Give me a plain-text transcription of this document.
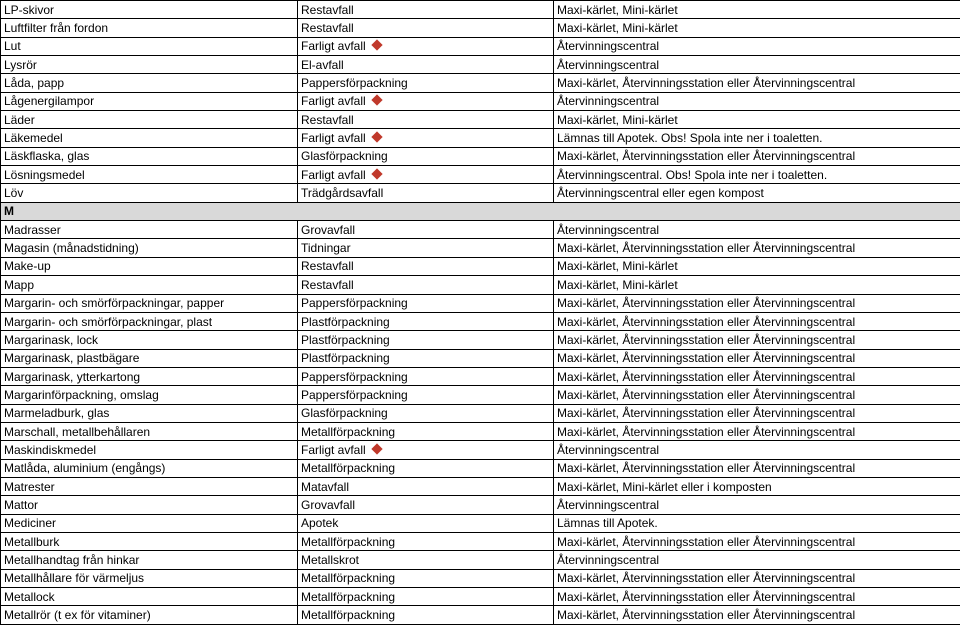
LP-skivor	Restavfall	Maxi-kärlet, Mini-kärlet
Luftfilter från fordon	Restavfall	Maxi-kärlet, Mini-kärlet
Lut	Farligt avfall	Återvinningscentral
Lysrör	El-avfall	Återvinningscentral
Låda, papp	Pappersförpackning	Maxi-kärlet, Återvinningsstation eller Återvinningscentral
Lågenergilampor	Farligt avfall	Återvinningscentral
Läder	Restavfall	Maxi-kärlet, Mini-kärlet
Läkemedel	Farligt avfall	Lämnas till Apotek. Obs! Spola inte ner i toaletten.
Läskflaska, glas	Glasförpackning	Maxi-kärlet, Återvinningsstation eller Återvinningscentral
Lösningsmedel	Farligt avfall	Återvinningscentral. Obs! Spola inte ner i toaletten.
Löv	Trädgårdsavfall	Återvinningscentral eller egen kompost
M		
Madrasser	Grovavfall	Återvinningscentral
Magasin (månadstidning)	Tidningar	Maxi-kärlet, Återvinningsstation eller Återvinningscentral
Make-up	Restavfall	Maxi-kärlet, Mini-kärlet
Mapp	Restavfall	Maxi-kärlet, Mini-kärlet
Margarin- och smörförpackningar, papper	Pappersförpackning	Maxi-kärlet, Återvinningsstation eller Återvinningscentral
Margarin- och smörförpackningar, plast	Plastförpackning	Maxi-kärlet, Återvinningsstation eller Återvinningscentral
Margarinask, lock	Plastförpackning	Maxi-kärlet, Återvinningsstation eller Återvinningscentral
Margarinask, plastbägare	Plastförpackning	Maxi-kärlet, Återvinningsstation eller Återvinningscentral
Margarinask, ytterkartong	Pappersförpackning	Maxi-kärlet, Återvinningsstation eller Återvinningscentral
Margarinförpackning, omslag	Pappersförpackning	Maxi-kärlet, Återvinningsstation eller Återvinningscentral
Marmeladburk, glas	Glasförpackning	Maxi-kärlet, Återvinningsstation eller Återvinningscentral
Marschall, metallbehållaren	Metallförpackning	Maxi-kärlet, Återvinningsstation eller Återvinningscentral
Maskindiskmedel	Farligt avfall	Återvinningscentral
Matlåda, aluminium (engångs)	Metallförpackning	Maxi-kärlet, Återvinningsstation eller Återvinningscentral
Matrester	Matavfall	Maxi-kärlet, Mini-kärlet eller i komposten
Mattor	Grovavfall	Återvinningscentral
Mediciner	Apotek	Lämnas till Apotek.
Metallburk	Metallförpackning	Maxi-kärlet, Återvinningsstation eller Återvinningscentral
Metallhandtag från hinkar	Metallskrot	Återvinningscentral
Metallhållare för värmeljus	Metallförpackning	Maxi-kärlet, Återvinningsstation eller Återvinningscentral
Metallock	Metallförpackning	Maxi-kärlet, Återvinningsstation eller Återvinningscentral
Metallrör (t ex för vitaminer)	Metallförpackning	Maxi-kärlet, Återvinningsstation eller Återvinningscentral
